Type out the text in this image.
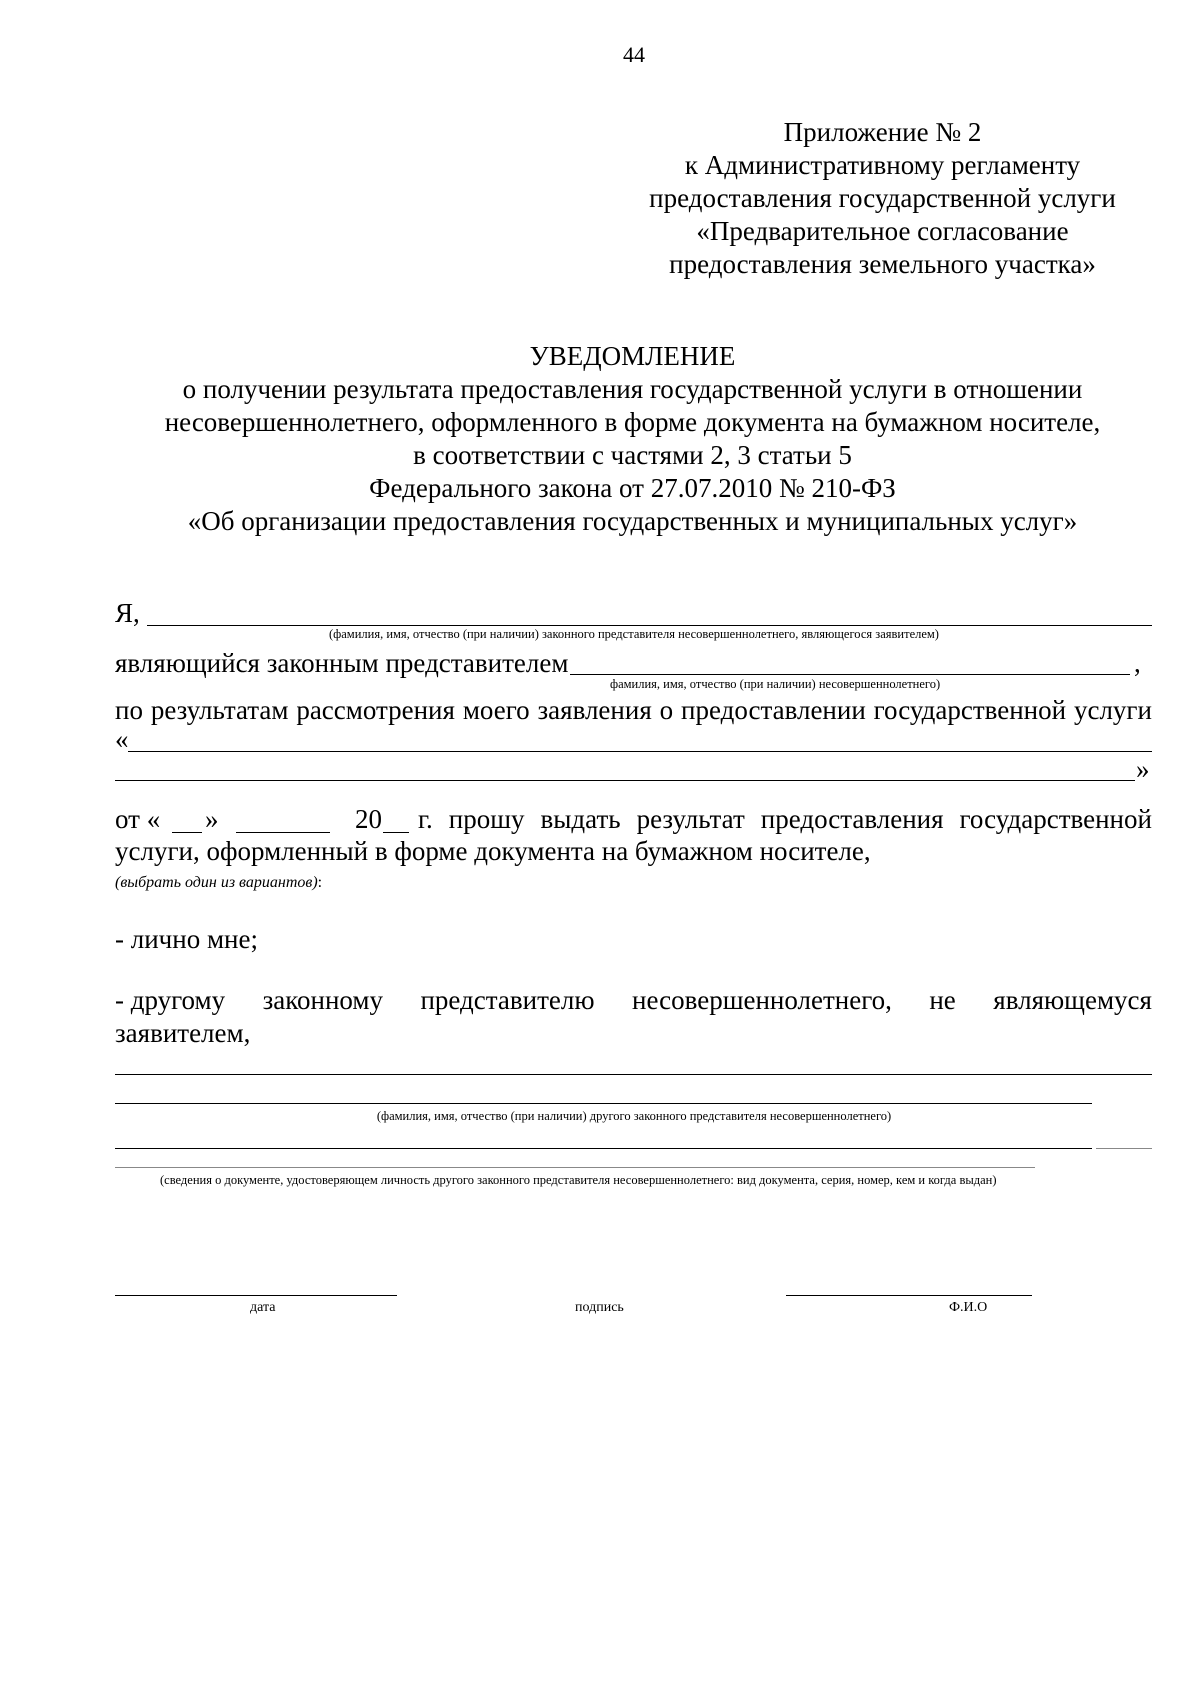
44
Приложение № 2
к Административному регламенту
предоставления государственной услуги
«Предварительное согласование
предоставления земельного участка»
УВЕДОМЛЕНИЕ
о получении результата предоставления государственной услуги в отношении
несовершеннолетнего, оформленного в форме документа на бумажном носителе,
в соответствии с частями 2, 3 статьи 5
Федерального закона от 27.07.2010 № 210-ФЗ
«Об организации предоставления государственных и муниципальных услуг»
Я,
(фамилия, имя, отчество (при наличии) законного представителя несовершеннолетнего, являющегося заявителем)
являющийся законным представителем	,
фамилия, имя, отчество (при наличии) несовершеннолетнего)
по результатам рассмотрения моего заявления о предоставлении государственной услуги
«
»
от « »	20 г. прошу выдать результат предоставления государственной
услуги, оформленный в форме документа на бумажном носителе,
(выбрать один из вариантов):
- лично мне;
- другому законному представителю несовершеннолетнего, не являющемуся
заявителем,
(фамилия, имя, отчество (при наличии) другого законного представителя несовершеннолетнего)
(сведения о документе, удостоверяющем личность другого законного представителя несовершеннолетнего: вид документа, серия, номер, кем и когда выдан)
дата	подпись	Ф.И.О
